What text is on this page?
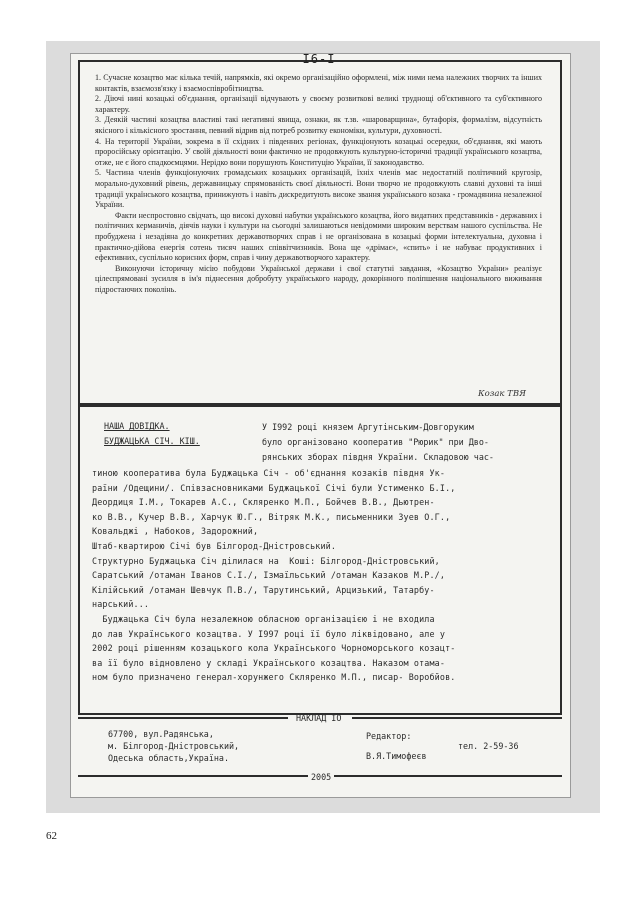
I6-I

1. Сучасне козацтво має кілька течій, напрямків, які окремо організаційно оформлені, між ними нема належних творчих та інших контактів, взаємозв'язку і взаємоспівробітництва.

2. Діючі нині козацькі об'єднання, організації відчувають у своєму розвиткові великі труднощі об'єктивного та суб'єктивного характеру.

3. Деякій частині козацтва властиві такі негативні явища, ознаки, як т.зв. «шароварщина», бутафорія, формалізм, відсутність якісного і кількісного зростання, певний відрив від потреб розвитку економіки, культури, духовності.

4. На території України, зокрема в її східних і південних регіонах, функціонують козацькі осередки, об'єднання, які мають проросійську орієнтацію. У своїй діяльності вони фактично не продовжують культурно-історичні традиції українського козацтва, отже, не є його спадкоємцями. Нерідко вони порушують Конституцію України, її законодавство.

5. Частина членів функціонуючих громадських козацьких організацій, їхніх членів має недостатній політичний кругозір, морально-духовний рівень, державницьку спрямованість своєї діяльності. Вони творчо не продовжують славні духовні та інші традиції українського козацтва, принижують і навіть дискредитують високе звання українського козака - громадянина незалежної України.

Факти неспростовно свідчать, що високі духовні набутки українського козацтва, його видатних представників - державних і політичних керманичів, діячів науки і культури на сьогодні залишаються невідомими широким верствам нашого суспільства. Не пробуджена і незадіяна до конкретних державотворчих справ і не організована в козацькі форми інтелектуальна, духовна і практично-дійова енергія сотень тисяч наших співвітчизників. Вона ще «дрімає», «спить» і не набуває продуктивних і ефективних, суспільно корисних форм, справ і чину державотворчого характеру.

Виконуючи історичну місію побудови Української держави і свої статутні завдання, «Козацтво України» реалізує цілеспрямовані зусилля в ім'я піднесення добробуту українського народу, докорінного поліпшення національного виживання підростаючих поколінь.

Козак ТВЯ
НАША ДОВІДКА.
БУДЖАЦЬКА СІЧ. КІШ.
У I992 році князем Аргутінським-Довгоруким
було організовано кооператив "Рюрик" при Дво-
рянських зборах півдня України. Складовою час-

тиною кооператива була Буджацька Січ - об'єднання козаків півдня Ук-

раїни /Одещини/. Співзасновниками Буджацької Січі були Устименко Б.І.,

Деордиця І.М., Токарев А.С., Скляренко М.П., Бойчев В.В., Дьютрен-

ко В.В., Кучер В.В., Харчук Ю.Г., Вітряк М.К., письменники Зуев О.Г.,

Ковальджі , Набоков, Задорожний,

Штаб-квартирою Січі був Білгород-Дністровський.

Структурно Буджацька Січ ділилася на  Коші: Білгород-Дністровський,

Саратський /отаман Іванов С.І./, Ізмаїльський /отаман Казаков М.Р./,

Кілійський /отаман Шевчук П.В./, Тарутинський, Арцизький, Татарбу-

нарський...

Буджацька Січ була незалежною обласною організацією і не входила

до лав Українського козацтва. У I997 році її було ліквідовано, але у

2002 році рішенням козацького кола Українського Чорноморського козацт-

ва її було відновлено у складі Українського козацтва. Наказом отама-

ном було призначено генерал-хорунжего Скляренко М.П., писар- Воробйов.

НАКЛАД IO
67700, вул.Радянська,
м. Білгород-Дністровський,
Одеська область,Україна.
Редактор:
В.Я.Тимофеєв
тел. 2-59-36
2005
62
